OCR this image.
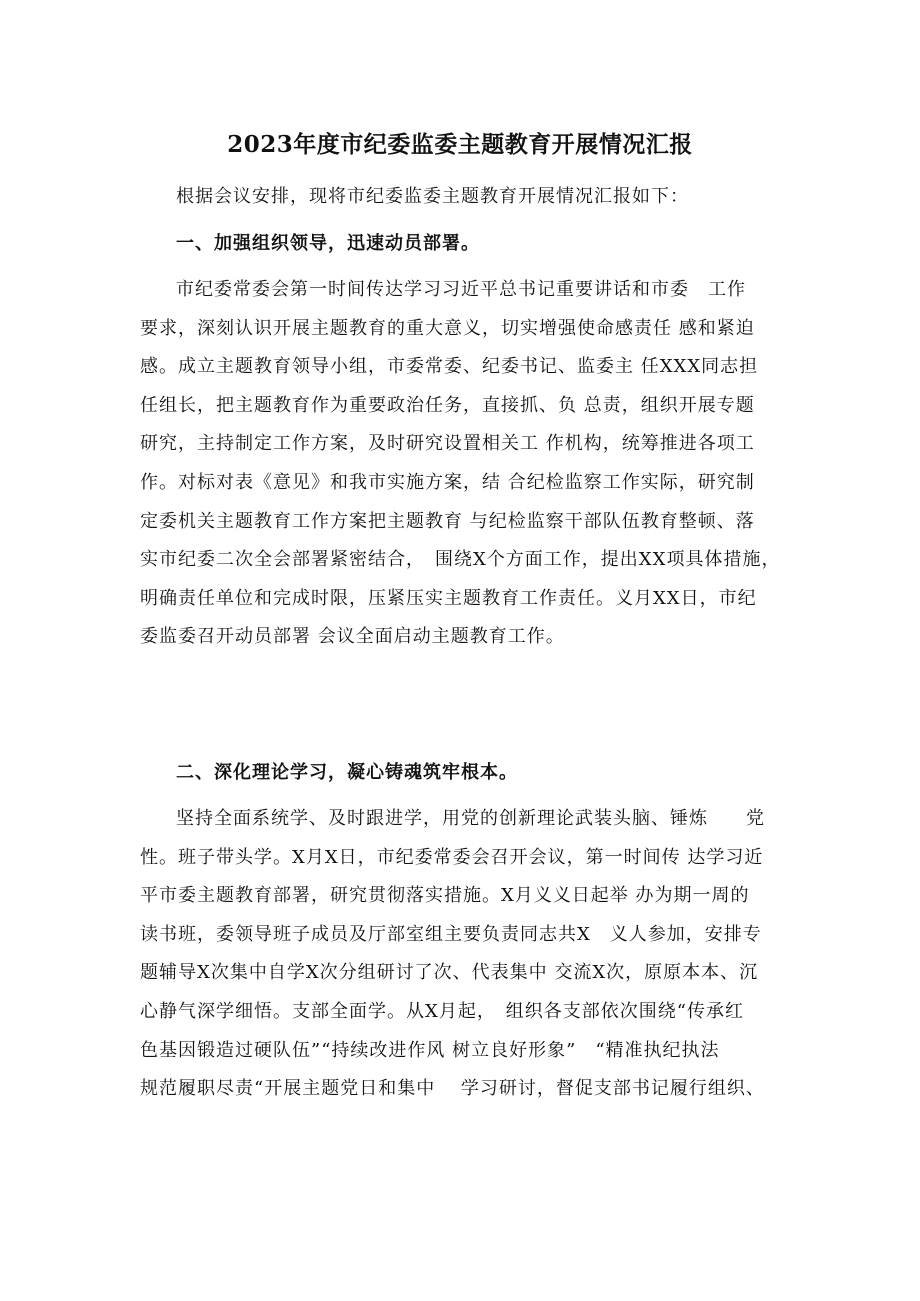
2023年度市纪委监委主题教育开展情况汇报
根据会议安排，现将市纪委监委主题教育开展情况汇报如下：
一、加强组织领导，迅速动员部署。
市纪委常委会第一时间传达学习习近平总书记重要讲话和市委　工作
要求，深刻认识开展主题教育的重大意义，切实增强使命感责任 感和紧迫
感。成立主题教育领导小组，市委常委、纪委书记、监委主 任XXX同志担
任组长，把主题教育作为重要政治任务，直接抓、负 总责，组织开展专题
研究，主持制定工作方案，及时研究设置相关工 作机构，统筹推进各项工
作。对标对表《意见》和我市实施方案，结 合纪检监察工作实际，研究制
定委机关主题教育工作方案把主题教育 与纪检监察干部队伍教育整顿、落
实市纪委二次全会部署紧密结合，　围绕X个方面工作，提出XX项具体措施，
明确责任单位和完成时限，压紧压实主题教育工作责任。义月XX日，市纪
委监委召开动员部署 会议全面启动主题教育工作。
二、深化理论学习，凝心铸魂筑牢根本。
坚持全面系统学、及时跟进学，用党的创新理论武装头脑、锤炼　　党
性。班子带头学。X月X日，市纪委常委会召开会议，第一时间传 达学习近
平市委主题教育部署，研究贯彻落实措施。X月义义日起举 办为期一周的
读书班，委领导班子成员及厅部室组主要负责同志共X　义人参加，安排专
题辅导X次集中自学X次分组研讨了次、代表集中 交流X次，原原本本、沉
心静气深学细悟。支部全面学。从X月起，　组织各支部依次围绕“传承红
色基因锻造过硬队伍”“持续改进作风 树立良好形象”　“精准执纪执法
规范履职尽责“开展主题党日和集中　 学习研讨，督促支部书记履行组织、
